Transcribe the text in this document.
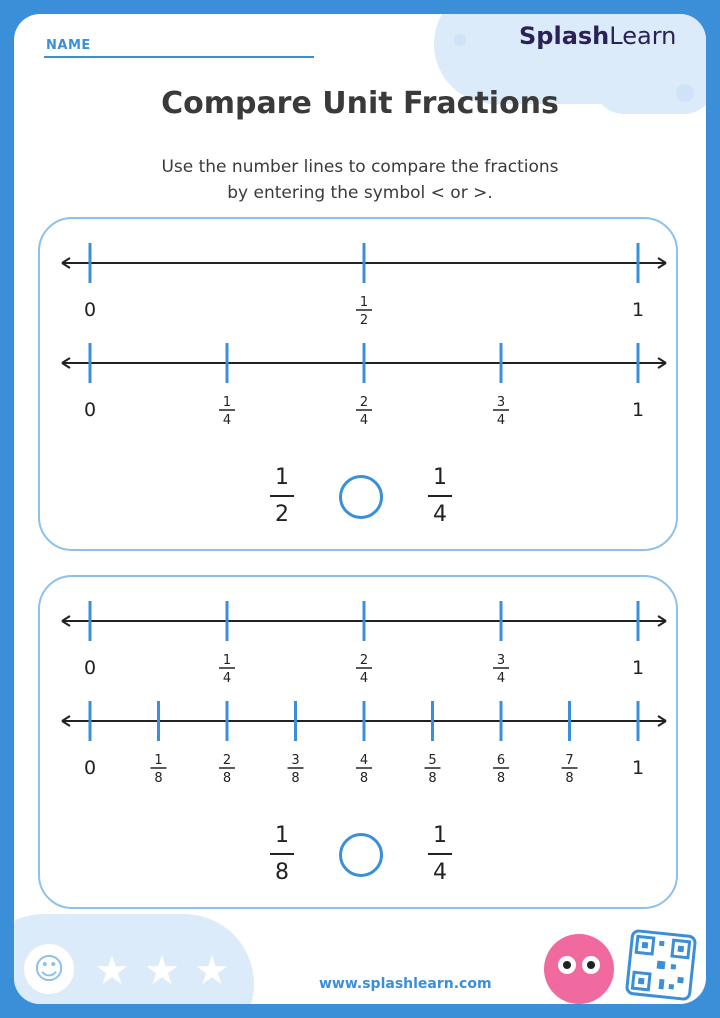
NAME	SplashLearn
Compare Unit Fractions
Use the number lines to compare the fractions
by entering the symbol < or >.
0	1
2	1
0	1
4
2
4
3
4	1
1
2
1
4
0	1
4
2
4
3
4	1
0	1
8
2
8
3
8
4
8
5
8
6
8
7
8	1
1
8
1
4
☺ ★ ★ ★	www.splashlearn.com
